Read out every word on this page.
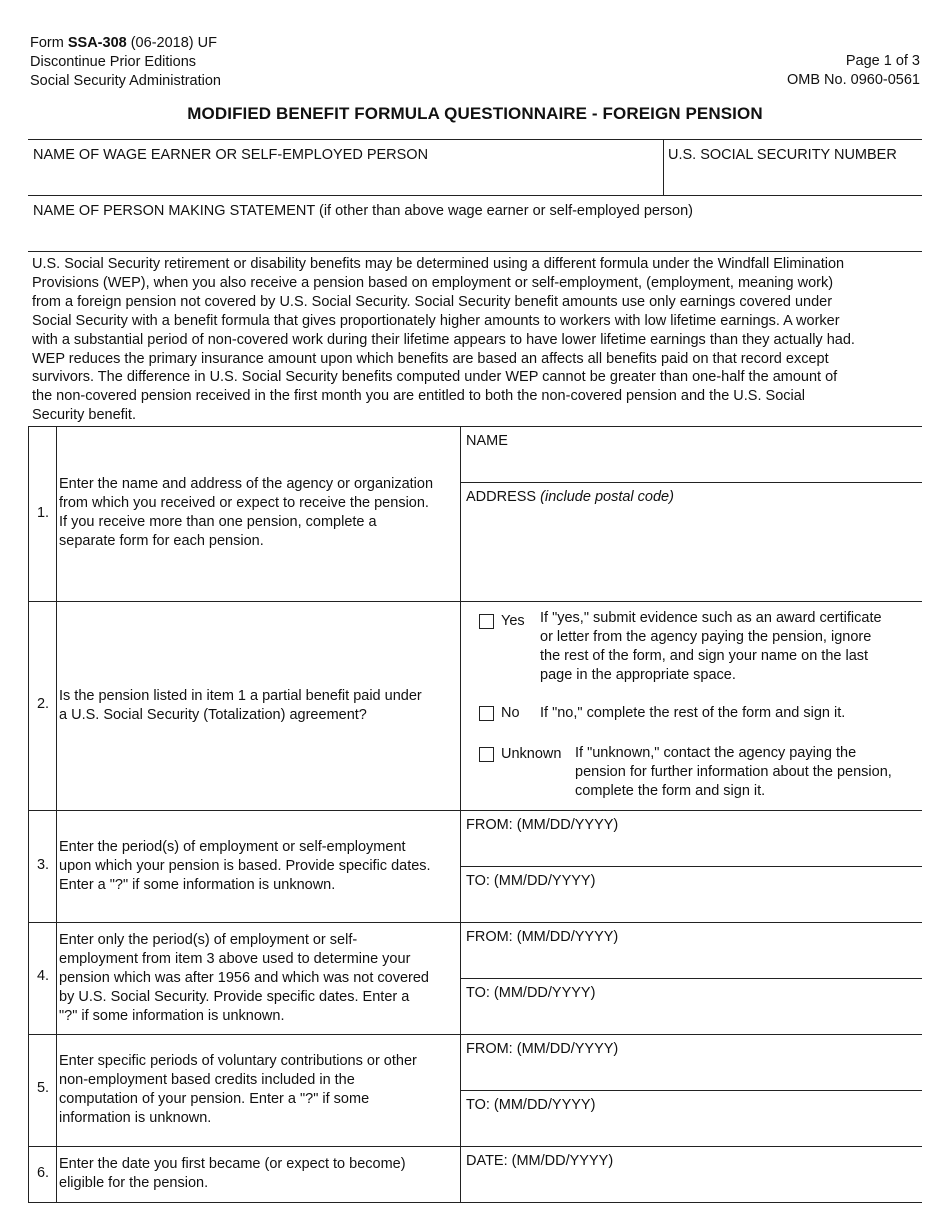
Form SSA-308 (06-2018) UF
Discontinue Prior Editions
Social Security Administration
Page 1 of 3
OMB No. 0960-0561
MODIFIED BENEFIT FORMULA QUESTIONNAIRE - FOREIGN PENSION
NAME OF WAGE EARNER OR SELF-EMPLOYED PERSON	U.S. SOCIAL SECURITY NUMBER
NAME OF PERSON MAKING STATEMENT (if other than above wage earner or self-employed person)
U.S. Social Security retirement or disability benefits may be determined using a different formula under the Windfall Elimination
Provisions (WEP), when you also receive a pension based on employment or self-employment, (employment, meaning work)
from a foreign pension not covered by U.S. Social Security. Social Security benefit amounts use only earnings covered under
Social Security with a benefit formula that gives proportionately higher amounts to workers with low lifetime earnings. A worker
with a substantial period of non-covered work during their lifetime appears to have lower lifetime earnings than they actually had.
WEP reduces the primary insurance amount upon which benefits are based an affects all benefits paid on that record except
survivors. The difference in U.S. Social Security benefits computed under WEP cannot be greater than one-half the amount of
the non-covered pension received in the first month you are entitled to both the non-covered pension and the U.S. Social
Security benefit.
1.
Enter the name and address of the agency or organization
from which you received or expect to receive the pension.
If you receive more than one pension, complete a
separate form for each pension.
NAME
ADDRESS (include postal code)
2. Is the pension listed in item 1 a partial benefit paid under
a U.S. Social Security (Totalization) agreement?
Yes If "yes," submit evidence such as an award certificate
or letter from the agency paying the pension, ignore
the rest of the form, and sign your name on the last
page in the appropriate space.
No If "no," complete the rest of the form and sign it.
Unknown If "unknown," contact the agency paying the
pension for further information about the pension,
complete the form and sign it.
3.
Enter the period(s) of employment or self-employment
upon which your pension is based. Provide specific dates.
Enter a "?" if some information is unknown.
FROM: (MM/DD/YYYY)
TO: (MM/DD/YYYY)
4.
Enter only the period(s) of employment or self-
employment from item 3 above used to determine your
pension which was after 1956 and which was not covered
by U.S. Social Security. Provide specific dates. Enter a
"?" if some information is unknown.
FROM: (MM/DD/YYYY)
TO: (MM/DD/YYYY)
5.
Enter specific periods of voluntary contributions or other
non-employment based credits included in the
computation of your pension. Enter a "?" if some
information is unknown.
FROM: (MM/DD/YYYY)
TO: (MM/DD/YYYY)
6.
Enter the date you first became (or expect to become)
eligible for the pension.
DATE: (MM/DD/YYYY)
